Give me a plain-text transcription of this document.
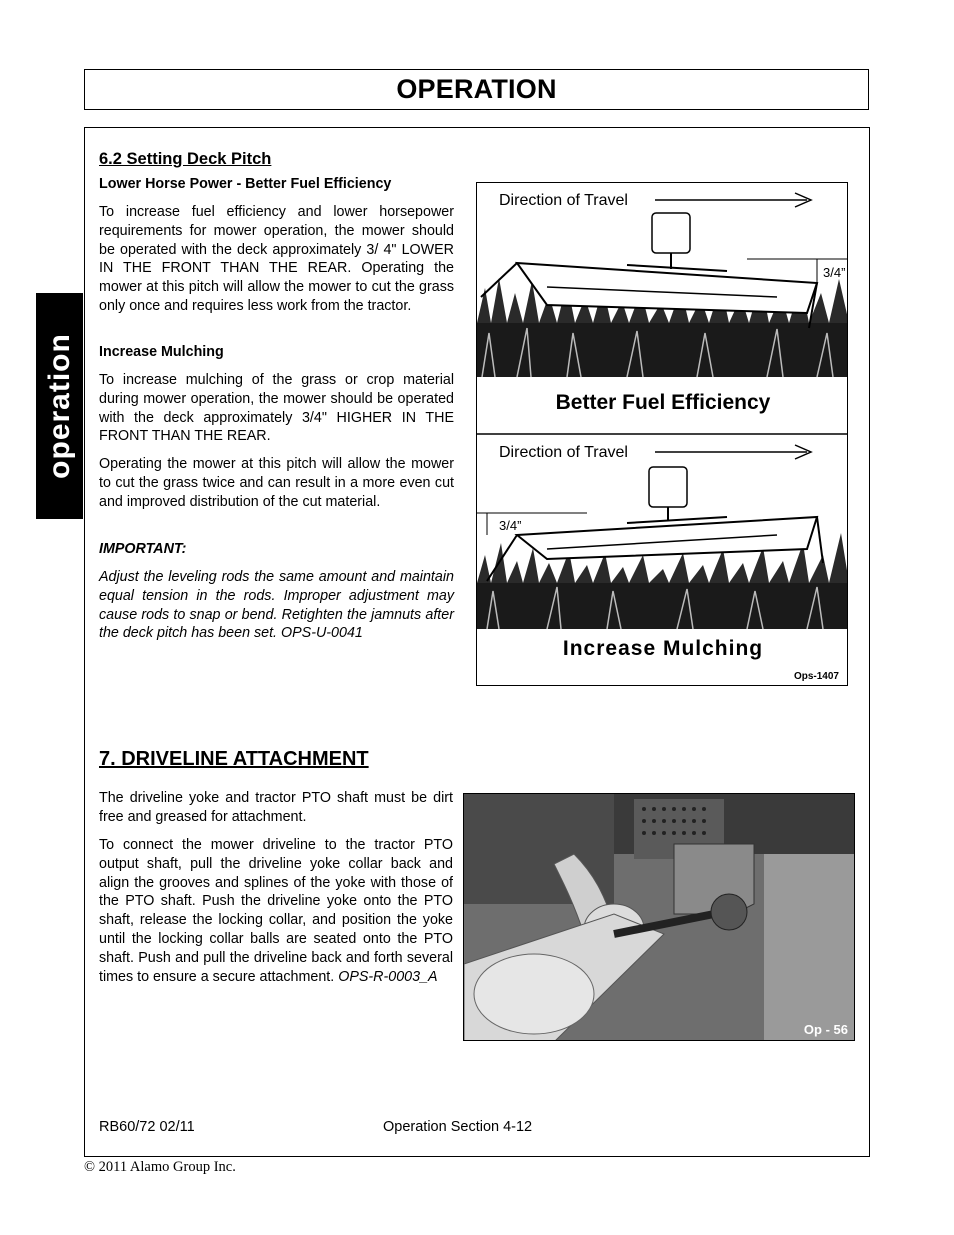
OPERATION
operation
6.2 Setting Deck Pitch
Lower Horse Power - Better Fuel Efficiency

To increase fuel efficiency and lower horsepower requirements for mower operation, the mower should be operated with the deck approximately 3/ 4" LOWER IN THE FRONT THAN THE REAR. Operating the mower at this pitch will allow the mower to cut the grass only once and requires less work from the tractor.

Increase Mulching

To increase mulching of the grass or crop material during mower operation, the mower should be operated with the deck approximately 3/4" HIGHER IN THE FRONT THAN THE REAR.

Operating the mower at this pitch will allow the mower to cut the grass twice and can result in a more even cut and improved distribution of the cut material.

IMPORTANT:

Adjust the leveling rods the same amount and maintain equal tension in the rods. Improper adjustment may cause rods to snap or bend. Retighten the jamnuts after the deck pitch has been set. OPS-U-0041

Direction of Travel
3/4”
Better Fuel Efficiency
Direction of Travel
3/4”
Increase Mulching
Ops-1407
7. DRIVELINE ATTACHMENT

The driveline yoke and tractor PTO shaft must be dirt free and greased for attachment.

To connect the mower driveline to the tractor PTO output shaft, pull the driveline yoke collar back and align the grooves and splines of the yoke with those of the PTO shaft. Push the driveline yoke onto the PTO shaft, release the locking collar, and position the yoke until the locking collar balls are seated onto the PTO shaft. Push and pull the driveline back and forth several times to ensure a secure attachment. OPS-R-0003_A

Op - 56
RB60/72 02/11	Operation Section 4-12
© 2011 Alamo Group Inc.
